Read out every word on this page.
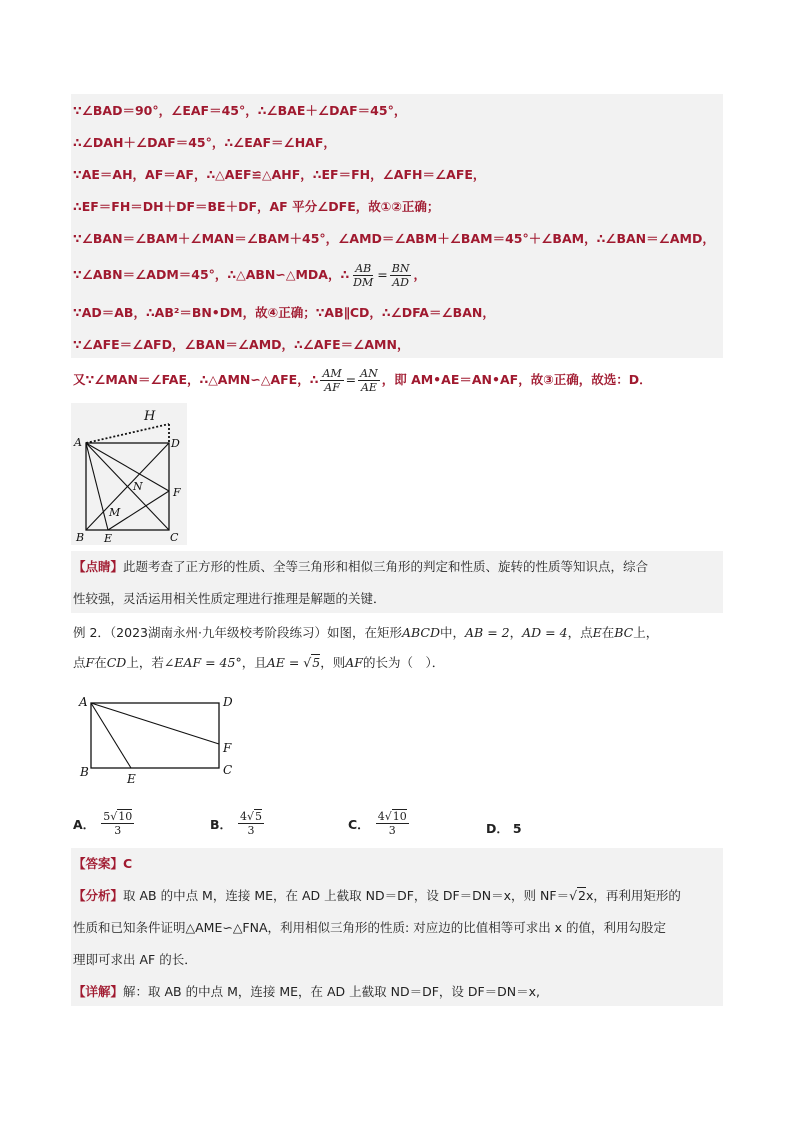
∵∠BAD＝90°，∠EAF＝45°，∴∠BAE＋∠DAF＝45°，
∴∠DAH＋∠DAF＝45°，∴∠EAF＝∠HAF，
∵AE＝AH，AF＝AF，∴△AEF≌△AHF，∴EF＝FH，∠AFH＝∠AFE，
∴EF＝FH＝DH＋DF＝BE＋DF，AF 平分∠DFE，故①②正确；
∵∠BAN＝∠BAM＋∠MAN＝∠BAM＋45°，∠AMD＝∠ABM＋∠BAM＝45°＋∠BAM，∴∠BAN＝∠AMD，
∵∠ABN＝∠ADM＝45°，∴△ABN∽△MDA，∴ $\frac{AB}{DM} = \frac{BN}{AD}$ ，
∵AD＝AB，∴AB²＝BN•DM，故④正确；∵AB∥CD，∴∠DFA＝∠BAN，
∵∠AFE＝∠AFD，∠BAN＝∠AMD，∴∠AFE＝∠AMN，
又∵∠MAN＝∠FAE，∴△AMN∽△AFE，∴ $\frac{AM}{AF} = \frac{AN}{AE}$ ，即 AM•AE＝AN•AF，故③正确，故选：D．
H
A	D
N	F
M
B E	C
【点睛】此题考查了正方形的性质、全等三角形和相似三角形的判定和性质、旋转的性质等知识点，综合
性较强，灵活运用相关性质定理进行推理是解题的关键．
例 2．（2023湖南永州·九年级校考阶段练习）如图，在矩形ABCD中，AB = 2，AD = 4，点E在BC上，
点F在CD上，若∠EAF = 45°，且AE = √5，则AF的长为（　）．
A	D
F
B	E
C
A． $\frac{5√10}{3}$	B． $\frac{4√5}{3}$	C． $\frac{4√10}{3}$	D． 5
【答案】C
【分析】取 AB 的中点 M，连接 ME，在 AD 上截取 ND＝DF，设 DF＝DN＝x，则 NF＝√2x，再利用矩形的
性质和已知条件证明△AME∽△FNA，利用相似三角形的性质: 对应边的比值相等可求出 x 的值，利用勾股定
理即可求出 AF 的长．
【详解】解：取 AB 的中点 M，连接 ME，在 AD 上截取 ND＝DF，设 DF＝DN＝x,
